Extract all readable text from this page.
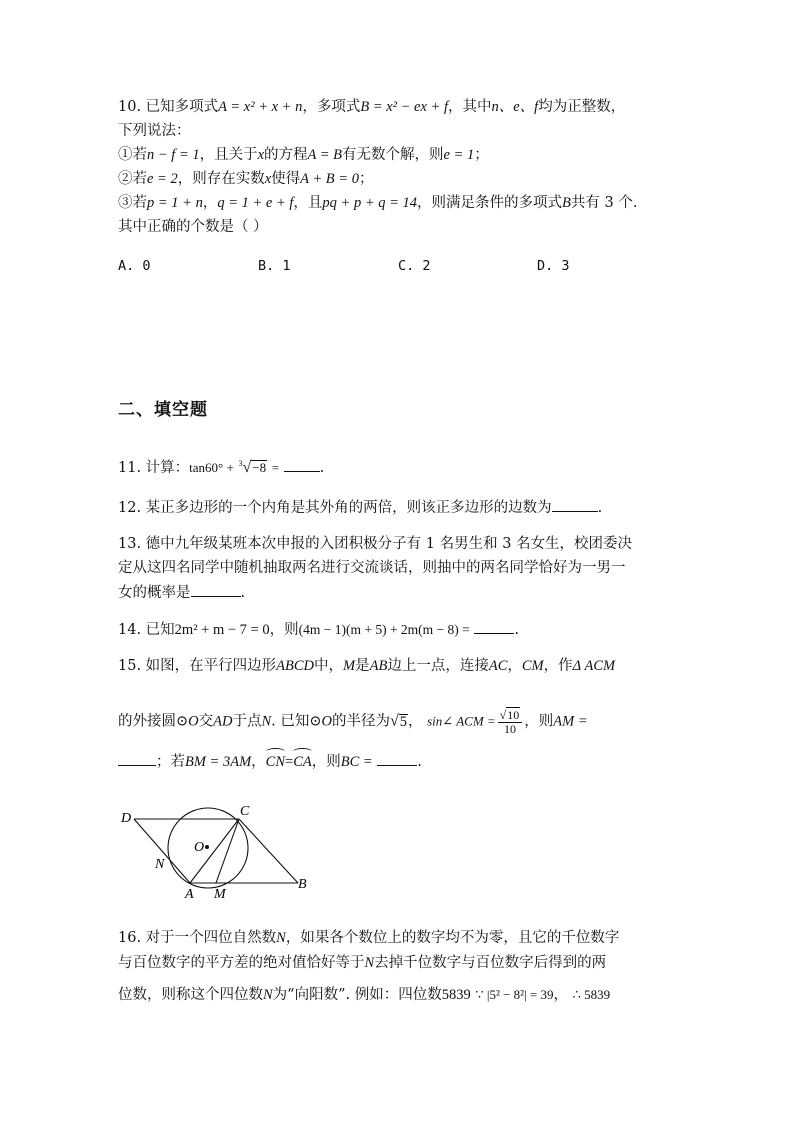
10. 已知多项式A = x² + x + n，多项式B = x² − ex + f，其中n、e、f均为正整数，
下列说法：
①若n − f = 1，且关于x的方程A = B有无数个解，则e = 1；
②若e = 2，则存在实数x使得A + B = 0；
③若p = 1 + n，q = 1 + e + f，且pq + p + q = 14，则满足条件的多项式B共有 3 个.
其中正确的个数是（ ）
A. 0	B. 1	C. 2	D. 3
二、填空题
11. 计算：tan60° + $^3$√−8 =	.
12. 某正多边形的一个内角是其外角的两倍，则该正多边形的边数为	.
13. 德中九年级某班本次申报的入团积极分子有 1 名男生和 3 名女生，校团委决
定从这四名同学中随机抽取两名进行交流谈话，则抽中的两名同学恰好为一男一
女的概率是	.
14. 已知2m² + m − 7 = 0，则(4m − 1)(m + 5) + 2m(m − 8) =	.
15. 如图，在平行四边形ABCD中，M是AB边上一点，连接AC，CM，作Δ ACM
的外接圆⊙O交AD于点N. 已知⊙O的半径为√5， sin∠ ACM = $\frac{√10}{10}$ ，则AM =
；若BM = 3AM，CN=CA，则BC =	.
D	C
O
N
A M
B
16. 对于一个四位自然数N，如果各个数位上的数字均不为零，且它的千位数字
与百位数字的平方差的绝对值恰好等于N去掉千位数字与百位数字后得到的两
位数，则称这个四位数N为“向阳数”. 例如：四位数5839 ∵ |5² − 8²| = 39， ∴ 5839
